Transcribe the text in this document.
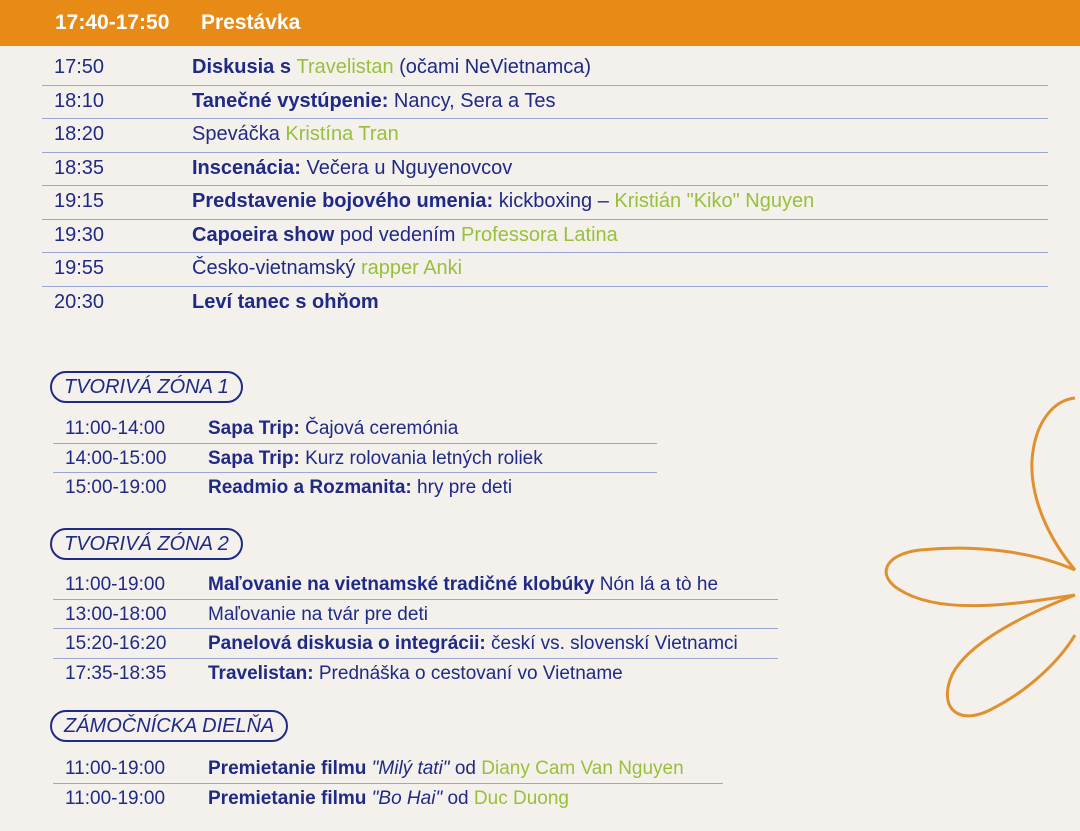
17:40-17:50 Prestávka
17:50	Diskusia s Travelistan (očami NeVietnamca)
18:10	Tanečné vystúpenie: Nancy, Sera a Tes
18:20	Speváčka Kristína Tran
18:35	Inscenácia: Večera u Nguyenovcov
19:15	Predstavenie bojového umenia: kickboxing – Kristián "Kiko" Nguyen
19:30	Capoeira show pod vedením Professora Latina
19:55	Česko-vietnamský rapper Anki
20:30	Leví tanec s ohňom
TVORIVÁ ZÓNA 1
11:00-14:00 Sapa Trip: Čajová ceremónia
14:00-15:00 Sapa Trip: Kurz rolovania letných roliek
15:00-19:00 Readmio a Rozmanita: hry pre deti
TVORIVÁ ZÓNA 2
11:00-19:00 Maľovanie na vietnamské tradičné klobúky Nón lá a tò he
13:00-18:00 Maľovanie na tvár pre deti
15:20-16:20 Panelová diskusia o integrácii: českí vs. slovenskí Vietnamci
17:35-18:35 Travelistan: Prednáška o cestovaní vo Vietname
ZÁMOČNÍCKA DIELŇA
11:00-19:00 Premietanie filmu "Milý tati" od Diany Cam Van Nguyen
11:00-19:00 Premietanie filmu "Bo Hai" od Duc Duong
